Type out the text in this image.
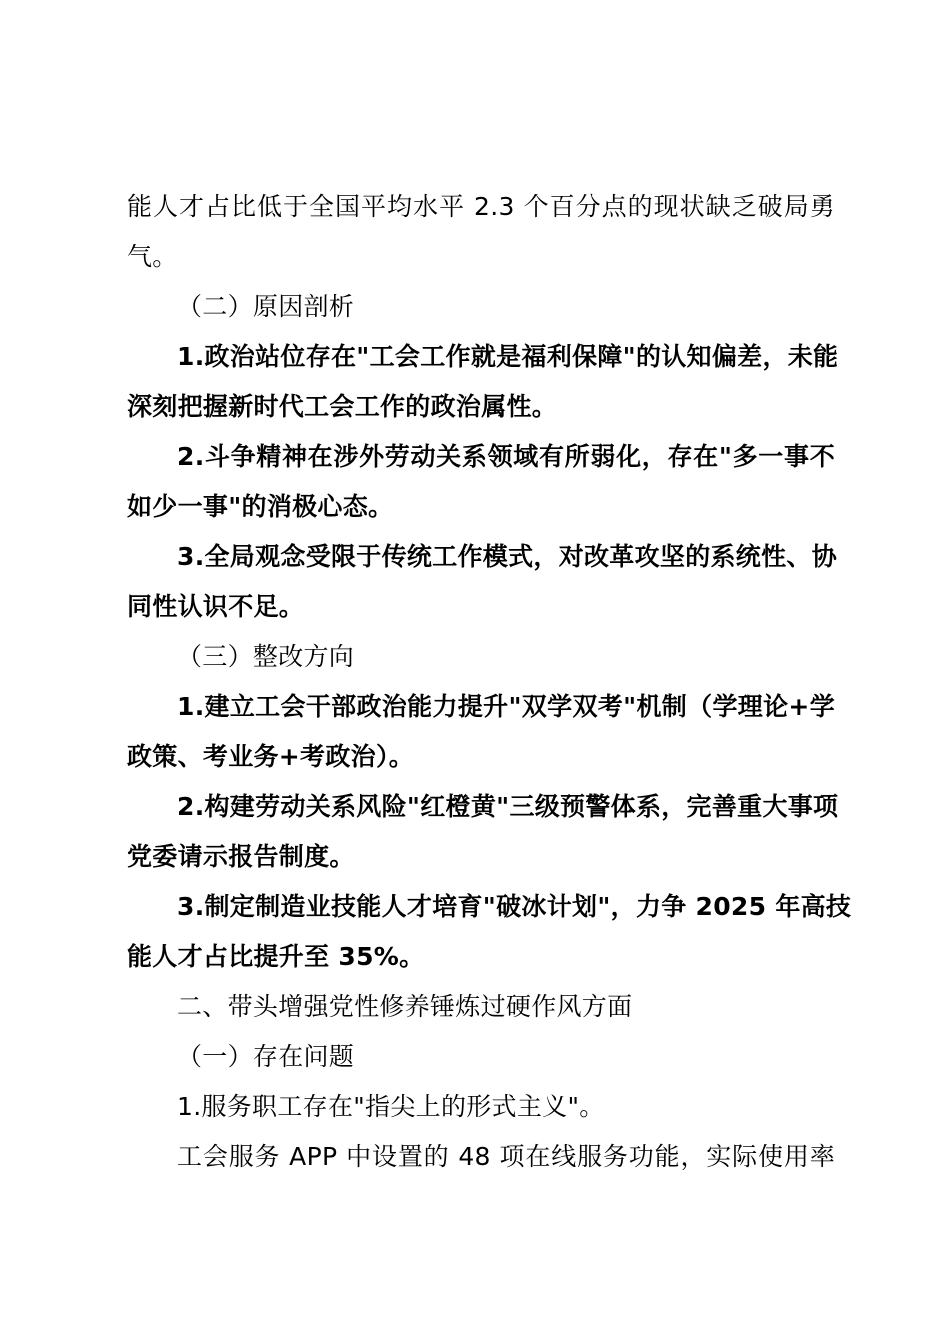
能人才占比低于全国平均水平 2.3 个百分点的现状缺乏破局勇
气。
（二）原因剖析
1.政治站位存在"工会工作就是福利保障"的认知偏差，未能
深刻把握新时代工会工作的政治属性。
2.斗争精神在涉外劳动关系领域有所弱化，存在"多一事不
如少一事"的消极心态。
3.全局观念受限于传统工作模式，对改革攻坚的系统性、协
同性认识不足。
（三）整改方向
1.建立工会干部政治能力提升"双学双考"机制（学理论+学
政策、考业务+考政治）。
2.构建劳动关系风险"红橙黄"三级预警体系，完善重大事项
党委请示报告制度。
3.制定制造业技能人才培育"破冰计划"，力争 2025 年高技
能人才占比提升至 35%。
二、带头增强党性修养锤炼过硬作风方面
（一）存在问题
1.服务职工存在"指尖上的形式主义"。
工会服务 APP 中设置的 48 项在线服务功能，实际使用率
